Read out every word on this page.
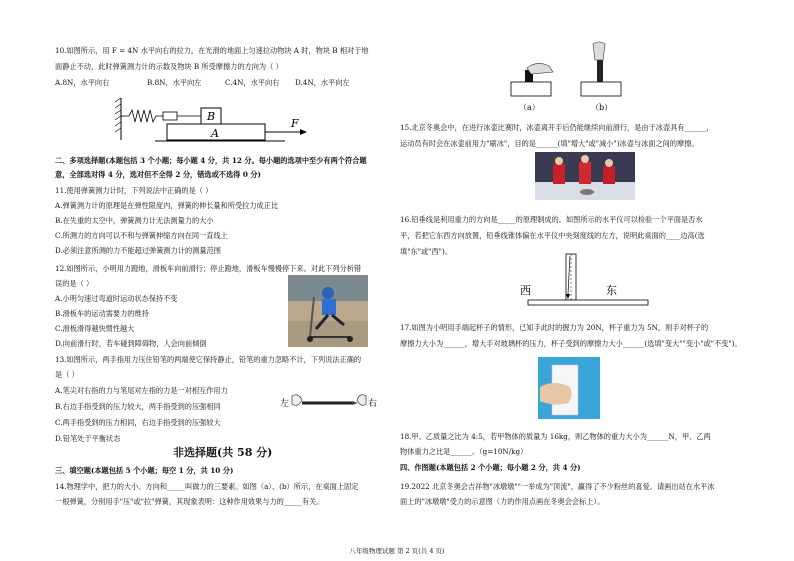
10.如图所示，用 F = 4N 水平向右的拉力，在光滑的地面上匀速拉动物块 A 时，物块 B 相对于地
面静止不动，此时弹簧测力计的示数及物块 B 所受摩擦力的方向为（ ）
A.8N，水平向右	B.8N，水平向左	C.4N，水平向右 D.4N，水平向左
B
A
F
二、多项选择题(本题包括 3 个小题；每小题 4 分，共 12 分。每小题的选项中至少有两个符合题
意，全部选对得 4 分，选对但不全得 2 分，错选或不选得 0 分)
11.使用弹簧测力计时，下列说法中正确的是（ ）
A.弹簧测力计的原理是在弹性限度内，弹簧的伸长量和所受拉力成正比
B.在失重的太空中，弹簧测力计无法测量力的大小
C.所测力的方向可以不和与弹簧伸缩方向在同一直线上
D.必须注意所测的力不能超过弹簧测力计的测量范围
12.如图所示，小明用力蹬地，滑板车向前滑行；停止蹬地，滑板车慢慢停下来。对此下列分析错
误的是（ ）
A.小明匀速过弯道时运动状态保持不变
B.滑板车的运动需要力的维持
C.滑板滑得越快惯性越大
D.向前滑行时，若车碰到障碍物，人会向前倾倒
13.如图所示，两手指用力压住铅笔的两端使它保持静止，铅笔的重力忽略不计，下列说法正确的
是（ ）
A.笔尖对右指的力与笔尾对左指的力是一对相互作用力
B.右边手指受到的压力较大，两手指受到的压强相同
C.两手指受到的压力相同，右边手指受到的压强较大
D.铅笔处于平衡状态
左	右
非选择题(共 58 分)
三、填空题(本题包括 5 个小题；每空 1 分，共 10 分)
14.物理学中，把力的大小、方向和_____叫做力的三要素。如图（a）、(b）所示，在桌面上固定
一根弹簧，分别用手"压"或"拉"弹簧，其现象表明：这种作用效果与力的_____有关。
（a）	（b）
15.北京冬奥会中，在进行冰壶比赛时，冰壶离开手后仍能继续向前滑行，是由于冰壶具有______，
运动员有时会在冰壶前用力"刷冰"，目的是______(填"增大"或"减小")冰壶与冰面之间的摩擦。
16.铅垂线是利用重力的方向是_____的原理制成的。如图所示的水平仪可以检验一个平面是否水
平，若把它东西方向放置，铅垂线锥体偏在水平仪中央刻度线的左方，说明此桌面的____边高(选
填"东"或"西")。
西	东
17.如图为小明用手端起杯子的情形，已知手此时的握力为 20N，杯子重力为 5N，则手对杯子的
摩擦力大小为______，增大手对玻璃杯的压力，杯子受到的摩擦力大小______(选填"变大""变小"或"不变")。
18.甲、乙质量之比为 4:5，若甲物体的质量为 16kg，则乙物体的重力大小为______N，甲、乙两
物体重力之比是______。（g=10N/kg）
四、作图题(本题包括 2 个小题；每小题 2 分，共 4 分)
19.2022 北京冬奥会吉祥物"冰墩墩""一举成为"顶流"，赢得了不少粉丝的喜爱。请画出站在水平冰
面上的"冰墩墩"受力的示意图（力的作用点画在冬奥会会标上）。
八年级物理试题 第 2 页(共 4 页)
